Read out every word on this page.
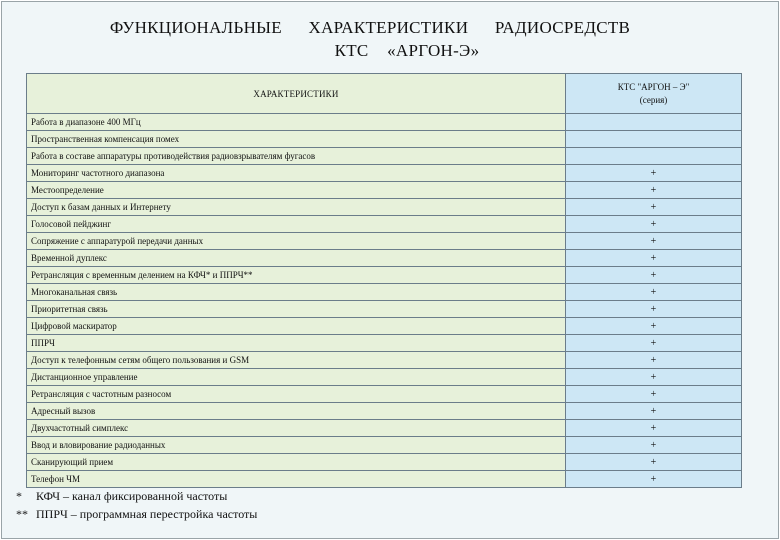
ФУНКЦИОНАЛЬНЫЕ ХАРАКТЕРИСТИКИ РАДИОСРЕДСТВ
КТС «АРГОН-Э»
ХАРАКТЕРИСТИКИ	КТС "АРГОН – Э"
(серия)

Работа в диапазоне 400 МГц	
Пространственная компенсация помех	
Работа в составе аппаратуры противодействия радиовзрывателям фугасов	
Мониторинг частотного диапазона	+
Местоопределение	+
Доступ к базам данных и Интернету	+
Голосовой пейджинг	+
Сопряжение с аппаратурой передачи данных	+
Временной дуплекс	+
Ретрансляция с временным делением на КФЧ* и ППРЧ**	+
Многоканальная связь	+
Приоритетная связь	+
Цифровой маскиратор	+
ППРЧ	+
Доступ к телефонным сетям общего пользования и GSM	+
Дистанционное управление	+
Ретрансляция с частотным разносом	+
Адресный вызов	+
Двухчастотный симплекс	+
Ввод и вловирование радиоданных	+
Сканирующий прием	+
Телефон ЧМ	+
* КФЧ – канал фиксированной частоты
** ППРЧ – программная перестройка частоты
